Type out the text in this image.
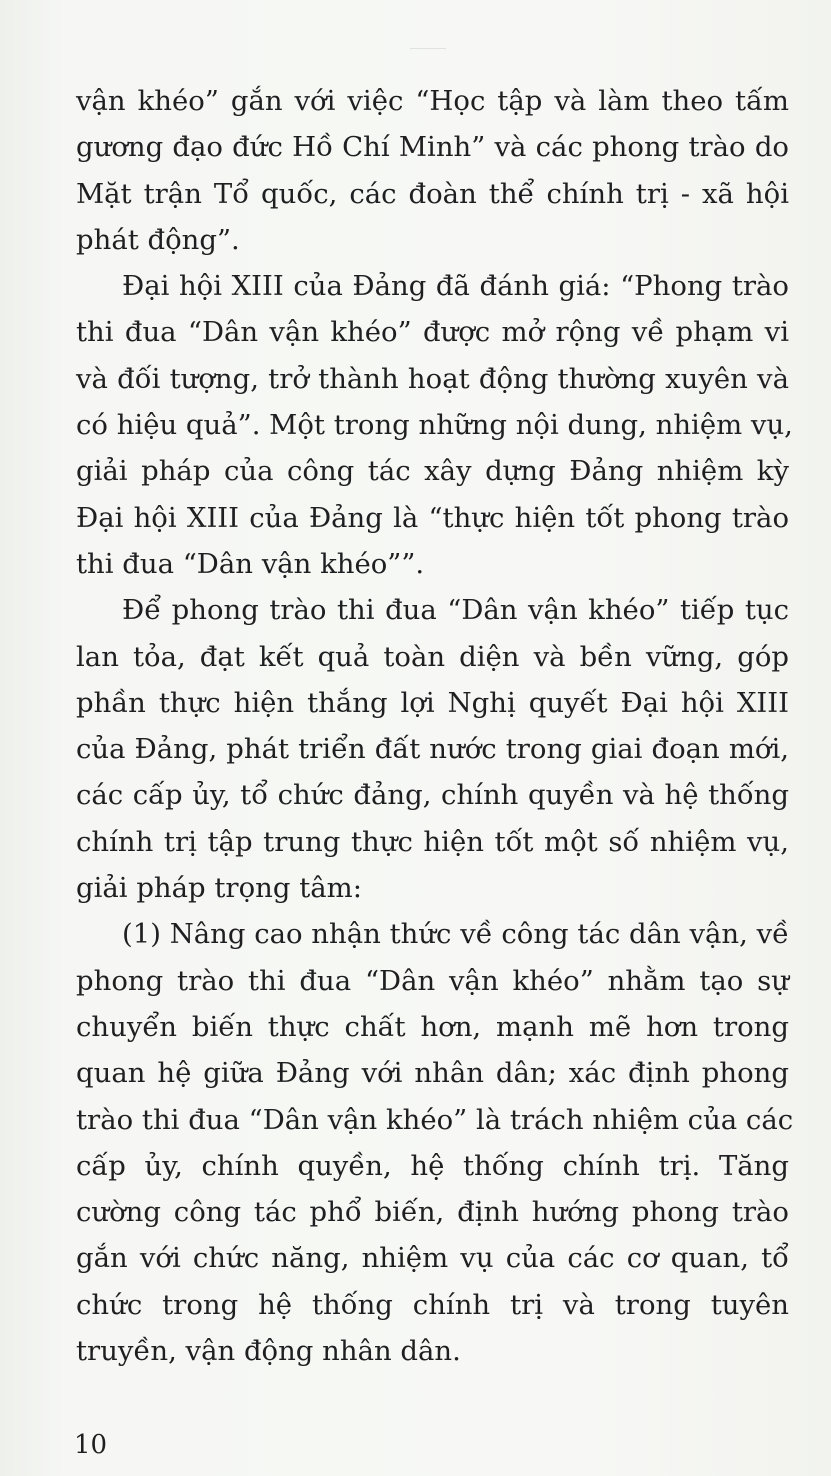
vận khéo” gắn với việc “Học tập và làm theo tấm
gương đạo đức Hồ Chí Minh” và các phong trào do
Mặt trận Tổ quốc, các đoàn thể chính trị - xã hội
phát động”.
Đại hội XIII của Đảng đã đánh giá: “Phong trào
thi đua “Dân vận khéo” được mở rộng về phạm vi
và đối tượng, trở thành hoạt động thường xuyên và
có hiệu quả”. Một trong những nội dung, nhiệm vụ,
giải pháp của công tác xây dựng Đảng nhiệm kỳ
Đại hội XIII của Đảng là “thực hiện tốt phong trào
thi đua “Dân vận khéo””.
Để phong trào thi đua “Dân vận khéo” tiếp tục
lan tỏa, đạt kết quả toàn diện và bền vững, góp
phần thực hiện thắng lợi Nghị quyết Đại hội XIII
của Đảng, phát triển đất nước trong giai đoạn mới,
các cấp ủy, tổ chức đảng, chính quyền và hệ thống
chính trị tập trung thực hiện tốt một số nhiệm vụ,
giải pháp trọng tâm:
(1) Nâng cao nhận thức về công tác dân vận, về
phong trào thi đua “Dân vận khéo” nhằm tạo sự
chuyển biến thực chất hơn, mạnh mẽ hơn trong
quan hệ giữa Đảng với nhân dân; xác định phong
trào thi đua “Dân vận khéo” là trách nhiệm của các
cấp ủy, chính quyền, hệ thống chính trị. Tăng
cường công tác phổ biến, định hướng phong trào
gắn với chức năng, nhiệm vụ của các cơ quan, tổ
chức trong hệ thống chính trị và trong tuyên
truyền, vận động nhân dân.
10
